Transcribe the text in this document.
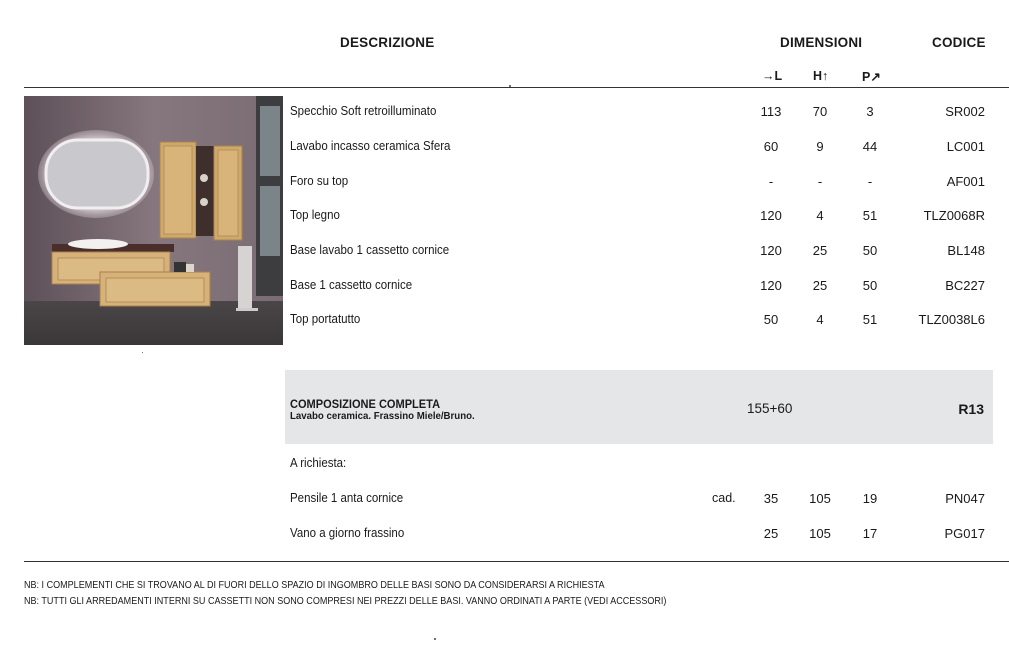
DESCRIZIONE	DIMENSIONI	CODICE
→L H↑	P↗
Specchio Soft retroilluminato	113	70	3	SR002
Lavabo incasso ceramica Sfera	60	9	44	LC001
Foro su top	-	-	-	AF001
Top legno	120	4	51	TLZ0068R
Base lavabo 1 cassetto cornice	120	25	50	BL148
Base 1 cassetto cornice	120	25	50	BC227
Top portatutto	50	4	51	TLZ0038L6
COMPOSIZIONE COMPLETA
Lavabo ceramica. Frassino Miele/Bruno.	155+60	R13
A richiesta:
Pensile 1 anta cornice	cad.	35	105	19	PN047
Vano a giorno frassino	25	105	17	PG017
NB: I COMPLEMENTI CHE SI TROVANO AL DI FUORI DELLO SPAZIO DI INGOMBRO DELLE BASI SONO DA CONSIDERARSI A RICHIESTA
NB: TUTTI GLI ARREDAMENTI INTERNI SU CASSETTI NON SONO COMPRESI NEI PREZZI DELLE BASI. VANNO ORDINATI A PARTE (VEDI ACCESSORI)
